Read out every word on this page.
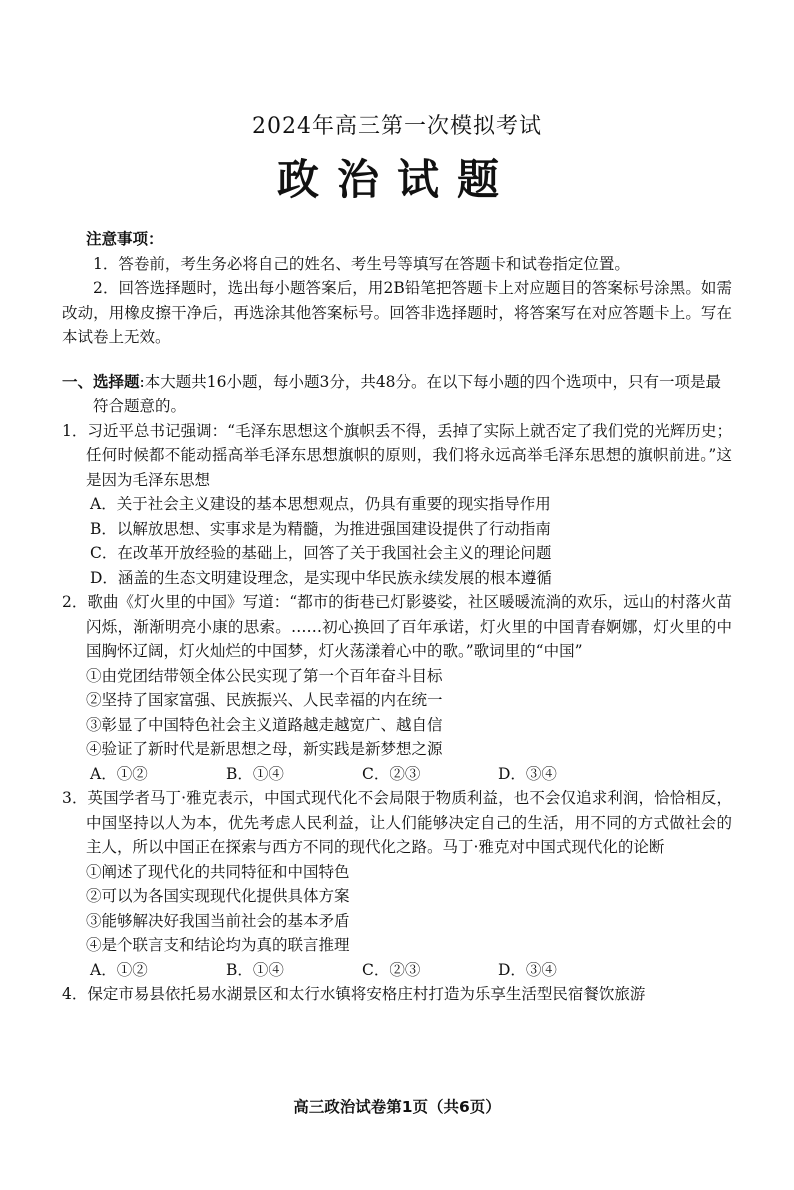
2024年高三第一次模拟考试
政治试题

注意事项：

1．答卷前，考生务必将自己的姓名、考生号等填写在答题卡和试卷指定位置。

2．回答选择题时，选出每小题答案后，用2B铅笔把答题卡上对应题目的答案标号涂黑。如需改动，用橡皮擦干净后，再选涂其他答案标号。回答非选择题时，将答案写在对应答题卡上。写在本试卷上无效。

一、选择题:本大题共16小题，每小题3分，共48分。在以下每小题的四个选项中，只有一项是最符合题意的。

1．习近平总书记强调：“毛泽东思想这个旗帜丢不得，丢掉了实际上就否定了我们党的光辉历史；任何时候都不能动摇高举毛泽东思想旗帜的原则，我们将永远高举毛泽东思想的旗帜前进。”这是因为毛泽东思想

A．关于社会主义建设的基本思想观点，仍具有重要的现实指导作用

B．以解放思想、实事求是为精髓，为推进强国建设提供了行动指南

C．在改革开放经验的基础上，回答了关于我国社会主义的理论问题

D．涵盖的生态文明建设理念，是实现中华民族永续发展的根本遵循

2．歌曲《灯火里的中国》写道：“都市的街巷已灯影婆娑，社区暖暖流淌的欢乐，远山的村落火苗闪烁，渐渐明亮小康的思索。……初心换回了百年承诺，灯火里的中国青春婀娜，灯火里的中国胸怀辽阔，灯火灿烂的中国梦，灯火荡漾着心中的歌。”歌词里的“中国”

①由党团结带领全体公民实现了第一个百年奋斗目标

②坚持了国家富强、民族振兴、人民幸福的内在统一

③彰显了中国特色社会主义道路越走越宽广、越自信

④验证了新时代是新思想之母，新实践是新梦想之源

A．①②	B．①④	C．②③	D．③④

3．英国学者马丁·雅克表示，中国式现代化不会局限于物质利益，也不会仅追求利润，恰恰相反，中国坚持以人为本，优先考虑人民利益，让人们能够决定自己的生活，用不同的方式做社会的主人，所以中国正在探索与西方不同的现代化之路。马丁·雅克对中国式现代化的论断

①阐述了现代化的共同特征和中国特色

②可以为各国实现现代化提供具体方案

③能够解决好我国当前社会的基本矛盾

④是个联言支和结论均为真的联言推理

A．①②	B．①④	C．②③	D．③④

4．保定市易县依托易水湖景区和太行水镇将安格庄村打造为乐享生活型民宿餐饮旅游

高三政治试卷第1页（共6页）
